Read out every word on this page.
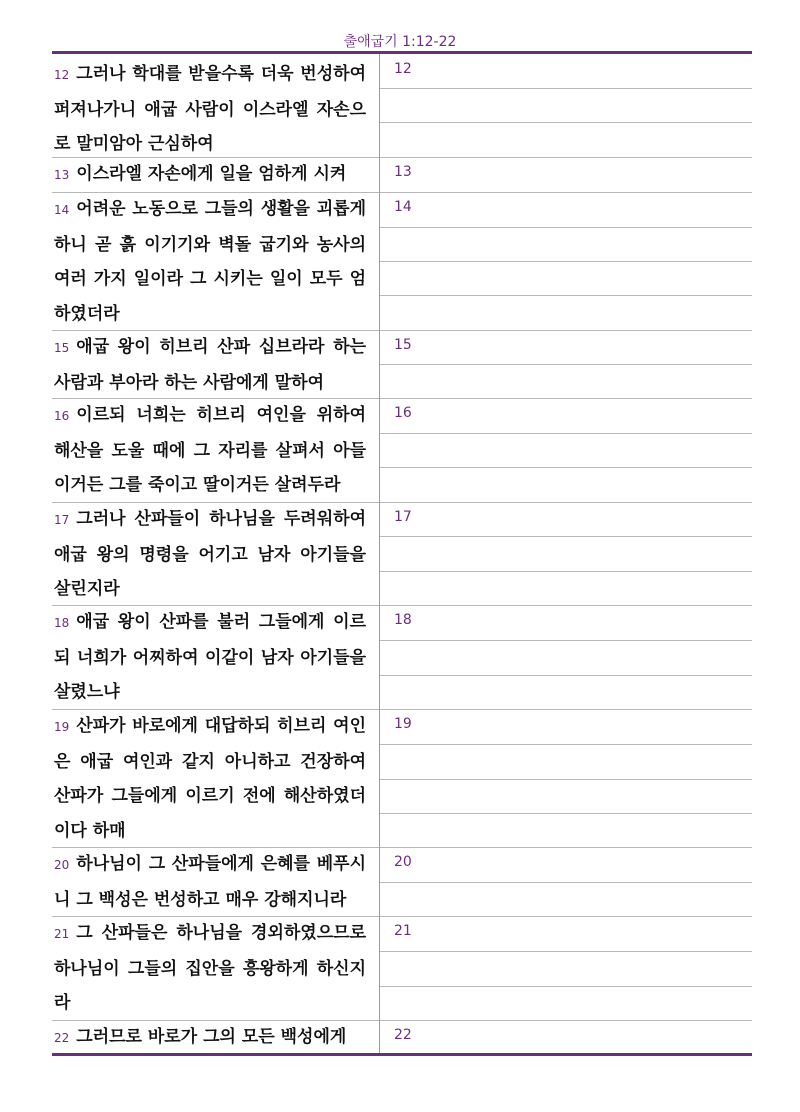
출애굽기 1:12-22
12 그러나 학대를 받을수록 더욱 번성하여 퍼져나가니 애굽 사람이 이스라엘 자손으로 말미암아 근심하여
13 이스라엘 자손에게 일을 엄하게 시켜
14 어려운 노동으로 그들의 생활을 괴롭게 하니 곧 흙 이기기와 벽돌 굽기와 농사의 여러 가지 일이라 그 시키는 일이 모두 엄하였더라
15 애굽 왕이 히브리 산파 십브라라 하는 사람과 부아라 하는 사람에게 말하여
16 이르되 너희는 히브리 여인을 위하여 해산을 도울 때에 그 자리를 살펴서 아들이거든 그를 죽이고 딸이거든 살려두라
17 그러나 산파들이 하나님을 두려워하여 애굽 왕의 명령을 어기고 남자 아기들을 살린지라
18 애굽 왕이 산파를 불러 그들에게 이르되 너희가 어찌하여 이같이 남자 아기들을 살렸느냐
19 산파가 바로에게 대답하되 히브리 여인은 애굽 여인과 같지 아니하고 건장하여 산파가 그들에게 이르기 전에 해산하였더이다 하매
20 하나님이 그 산파들에게 은혜를 베푸시니 그 백성은 번성하고 매우 강해지니라
21 그 산파들은 하나님을 경외하였으므로 하나님이 그들의 집안을 흥왕하게 하신지라
22 그러므로 바로가 그의 모든 백성에게
12
13
14
15
16
17
18
19
20
21
22
